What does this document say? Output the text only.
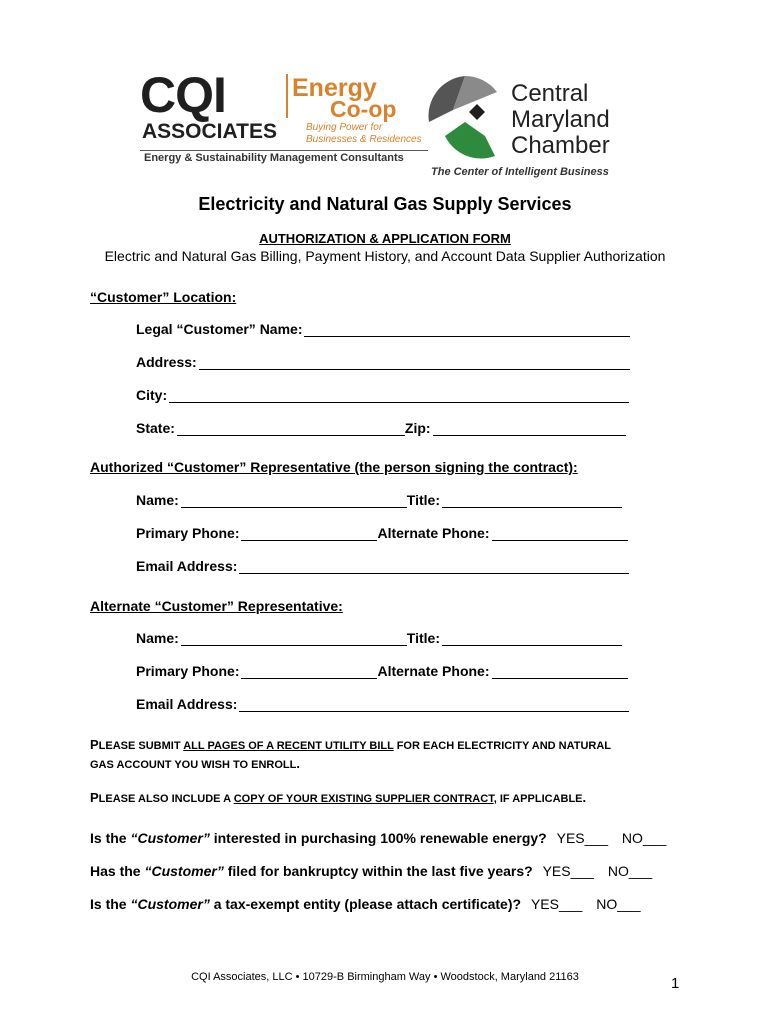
CQI
ASSOCIATES
Energy
Co-op
Buying Power for
Businesses & Residences
Energy & Sustainability Management Consultants
Central
Maryland
Chamber
The Center of Intelligent Business
Electricity and Natural Gas Supply Services
AUTHORIZATION & APPLICATION FORM
Electric and Natural Gas Billing, Payment History, and Account Data Supplier Authorization
“Customer” Location:
Legal “Customer” Name:
Address:
City:
State:	Zip:
Authorized “Customer” Representative (the person signing the contract):
Name:	Title:
Primary Phone:	Alternate Phone:
Email Address:
Alternate “Customer” Representative:
Name:	Title:
Primary Phone:	Alternate Phone:
Email Address:
PLEASE SUBMIT ALL PAGES OF A RECENT UTILITY BILL FOR EACH ELECTRICITY AND NATURAL
GAS ACCOUNT YOU WISH TO ENROLL.
PLEASE ALSO INCLUDE A COPY OF YOUR EXISTING SUPPLIER CONTRACT, IF APPLICABLE.
Is the “Customer” interested in purchasing 100% renewable energy? YES___ NO___
Has the “Customer” filed for bankruptcy within the last five years? YES___ NO___
Is the “Customer” a tax-exempt entity (please attach certificate)? YES___ NO___
CQI Associates, LLC • 10729-B Birmingham Way • Woodstock, Maryland 21163	1
